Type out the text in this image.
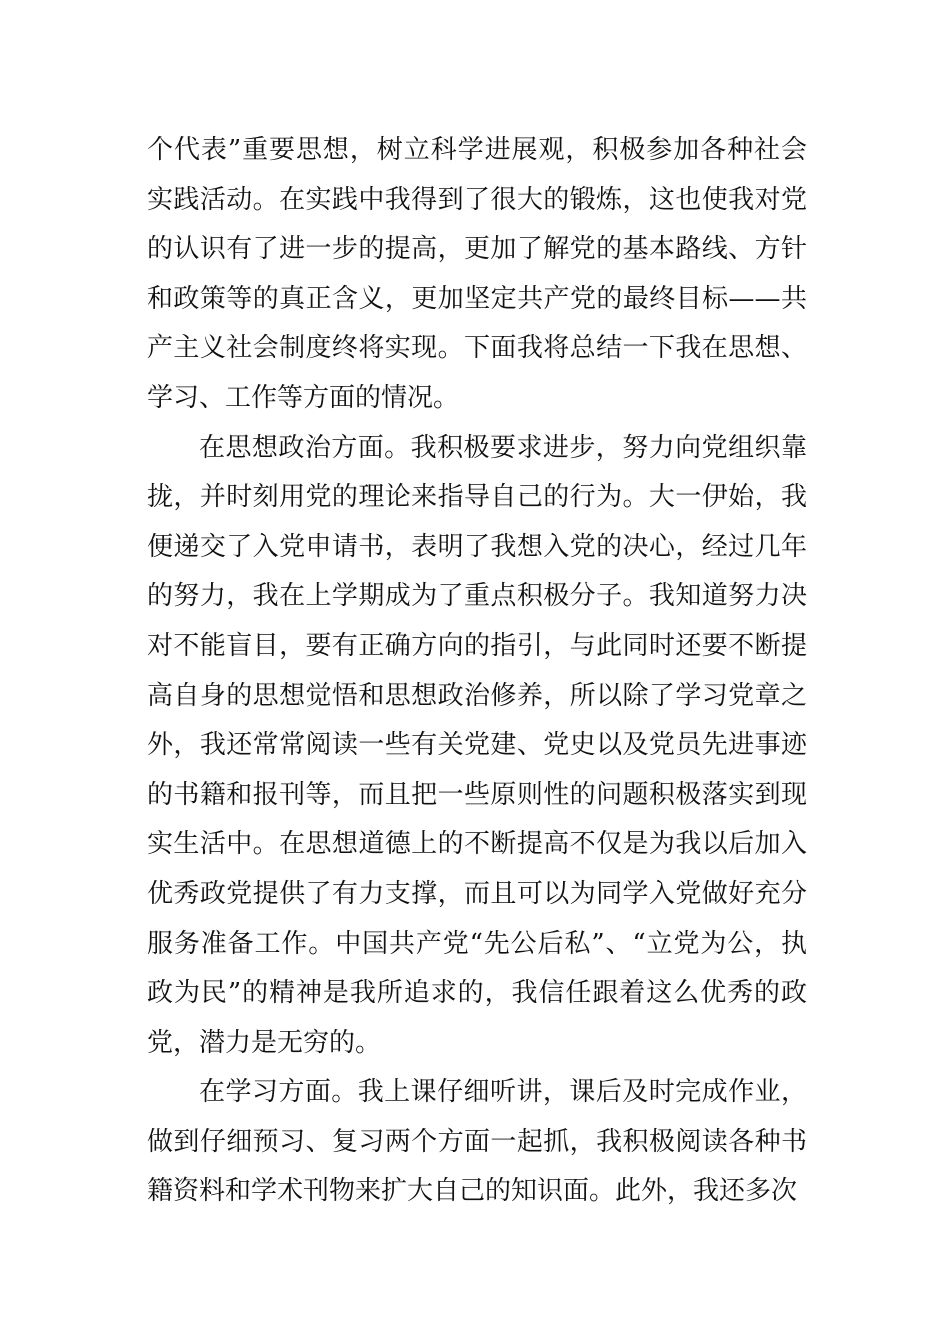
个代表”重要思想，树立科学进展观，积极参加各种社会实践活动。在实践中我得到了很大的锻炼，这也使我对党的认识有了进一步的提高，更加了解党的基本路线、方针和政策等的真正含义，更加坚定共产党的最终目标——共产主义社会制度终将实现。下面我将总结一下我在思想、学习、工作等方面的情况。

在思想政治方面。我积极要求进步，努力向党组织靠拢，并时刻用党的理论来指导自己的行为。大一伊始，我便递交了入党申请书，表明了我想入党的决心，经过几年的努力，我在上学期成为了重点积极分子。我知道努力决对不能盲目，要有正确方向的指引，与此同时还要不断提高自身的思想觉悟和思想政治修养，所以除了学习党章之外，我还常常阅读一些有关党建、党史以及党员先进事迹的书籍和报刊等，而且把一些原则性的问题积极落实到现实生活中。在思想道德上的不断提高不仅是为我以后加入优秀政党提供了有力支撑，而且可以为同学入党做好充分服务准备工作。中国共产党“先公后私”、“立党为公，执政为民”的精神是我所追求的，我信任跟着这么优秀的政党，潜力是无穷的。

在学习方面。我上课仔细听讲，课后及时完成作业，做到仔细预习、复习两个方面一起抓，我积极阅读各种书籍资料和学术刊物来扩大自己的知识面。此外，我还多次
